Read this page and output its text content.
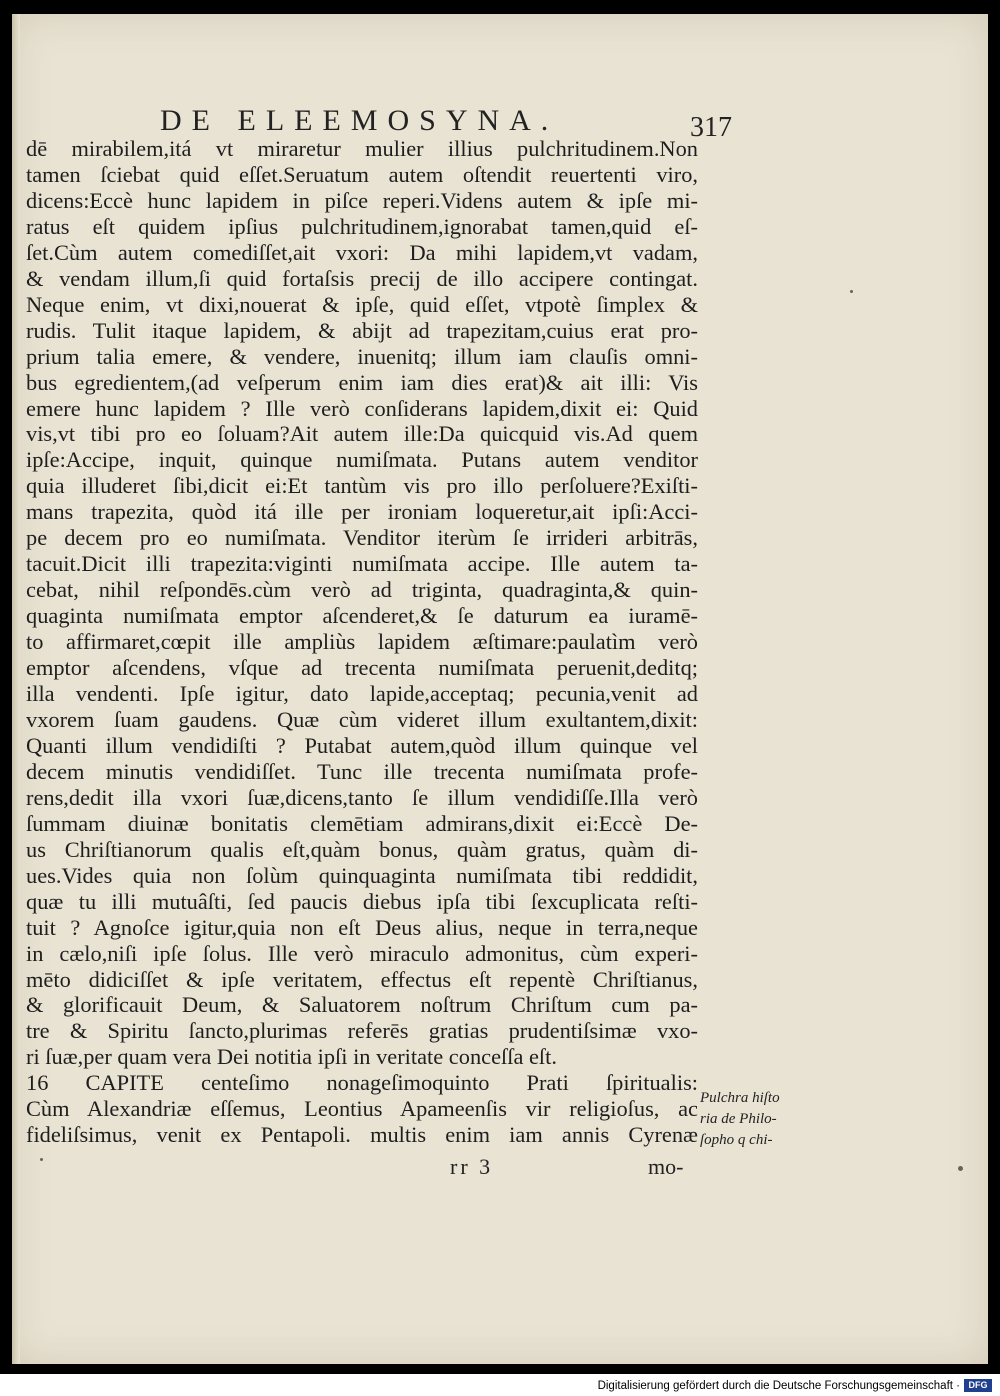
DE ELEEMOSYNA.	317
dē mirabilem,itá vt miraretur mulier illius pulchritudinem.Non
tamen ſciebat quid eſſet.Seruatum autem oſtendit reuertenti viro,
dicens:Eccè hunc lapidem in piſce reperi.Videns autem & ipſe mi-
ratus eſt quidem ipſius pulchritudinem,ignorabat tamen,quid eſ-
ſet.Cùm autem comediſſet,ait vxori: Da mihi lapidem,vt vadam,
& vendam illum,ſi quid fortaſsis precij de illo accipere contingat.
Neque enim, vt dixi,nouerat & ipſe, quid eſſet, vtpotè ſimplex &
rudis. Tulit itaque lapidem, & abijt ad trapezitam,cuius erat pro-
prium talia emere, & vendere, inuenitq; illum iam clauſis omni-
bus egredientem,(ad veſperum enim iam dies erat)& ait illi: Vis
emere hunc lapidem ? Ille verò conſiderans lapidem,dixit ei: Quid
vis,vt tibi pro eo ſoluam?Ait autem ille:Da quicquid vis.Ad quem
ipſe:Accipe, inquit, quinque numiſmata. Putans autem venditor
quia illuderet ſibi,dicit ei:Et tantùm vis pro illo perſoluere?Exiſti-
mans trapezita, quòd itá ille per ironiam loqueretur,ait ipſi:Acci-
pe decem pro eo numiſmata. Venditor iterùm ſe irrideri arbitrās,
tacuit.Dicit illi trapezita:viginti numiſmata accipe. Ille autem ta-
cebat, nihil reſpondēs.cùm verò ad triginta, quadraginta,& quin-
quaginta numiſmata emptor aſcenderet,& ſe daturum ea iuramē-
to affirmaret,cœpit ille ampliùs lapidem æſtimare:paulatìm verò
emptor aſcendens, vſque ad trecenta numiſmata peruenit,deditq;
illa vendenti. Ipſe igitur, dato lapide,acceptaq; pecunia,venit ad
vxorem ſuam gaudens. Quæ cùm videret illum exultantem,dixit:
Quanti illum vendidiſti ? Putabat autem,quòd illum quinque vel
decem minutis vendidiſſet. Tunc ille trecenta numiſmata profe-
rens,dedit illa vxori ſuæ,dicens,tanto ſe illum vendidiſſe.Illa verò
ſummam diuinæ bonitatis clemētiam admirans,dixit ei:Eccè De-
us Chriſtianorum qualis eſt,quàm bonus, quàm gratus, quàm di-
ues.Vides quia non ſolùm quinquaginta numiſmata tibi reddidit,
quæ tu illi mutuâſti, ſed paucis diebus ipſa tibi ſexcuplicata reſti-
tuit ? Agnoſce igitur,quia non eſt Deus alius, neque in terra,neque
in cælo,niſi ipſe ſolus. Ille verò miraculo admonitus, cùm experi-
mēto didiciſſet & ipſe veritatem, effectus eſt repentè Chriſtianus,
& glorificauit Deum, & Saluatorem noſtrum Chriſtum cum pa-
tre & Spiritu ſancto,plurimas referēs gratias prudentiſsimæ vxo-
ri ſuæ,per quam vera Dei notitia ipſi in veritate conceſſa eſt.
16 CAPITE centeſimo nonageſimoquinto Prati ſpiritualis:
Cùm Alexandriæ eſſemus, Leontius Apameenſis vir religioſus, ac
fideliſsimus, venit ex Pentapoli. multis enim iam annis Cyrenæ
Pulchra hiſto
ria de Philo-
ſopho q chi-
rr 3	mo-
Digitalisierung gefördert durch die Deutsche Forschungsgemeinschaft · DFG
